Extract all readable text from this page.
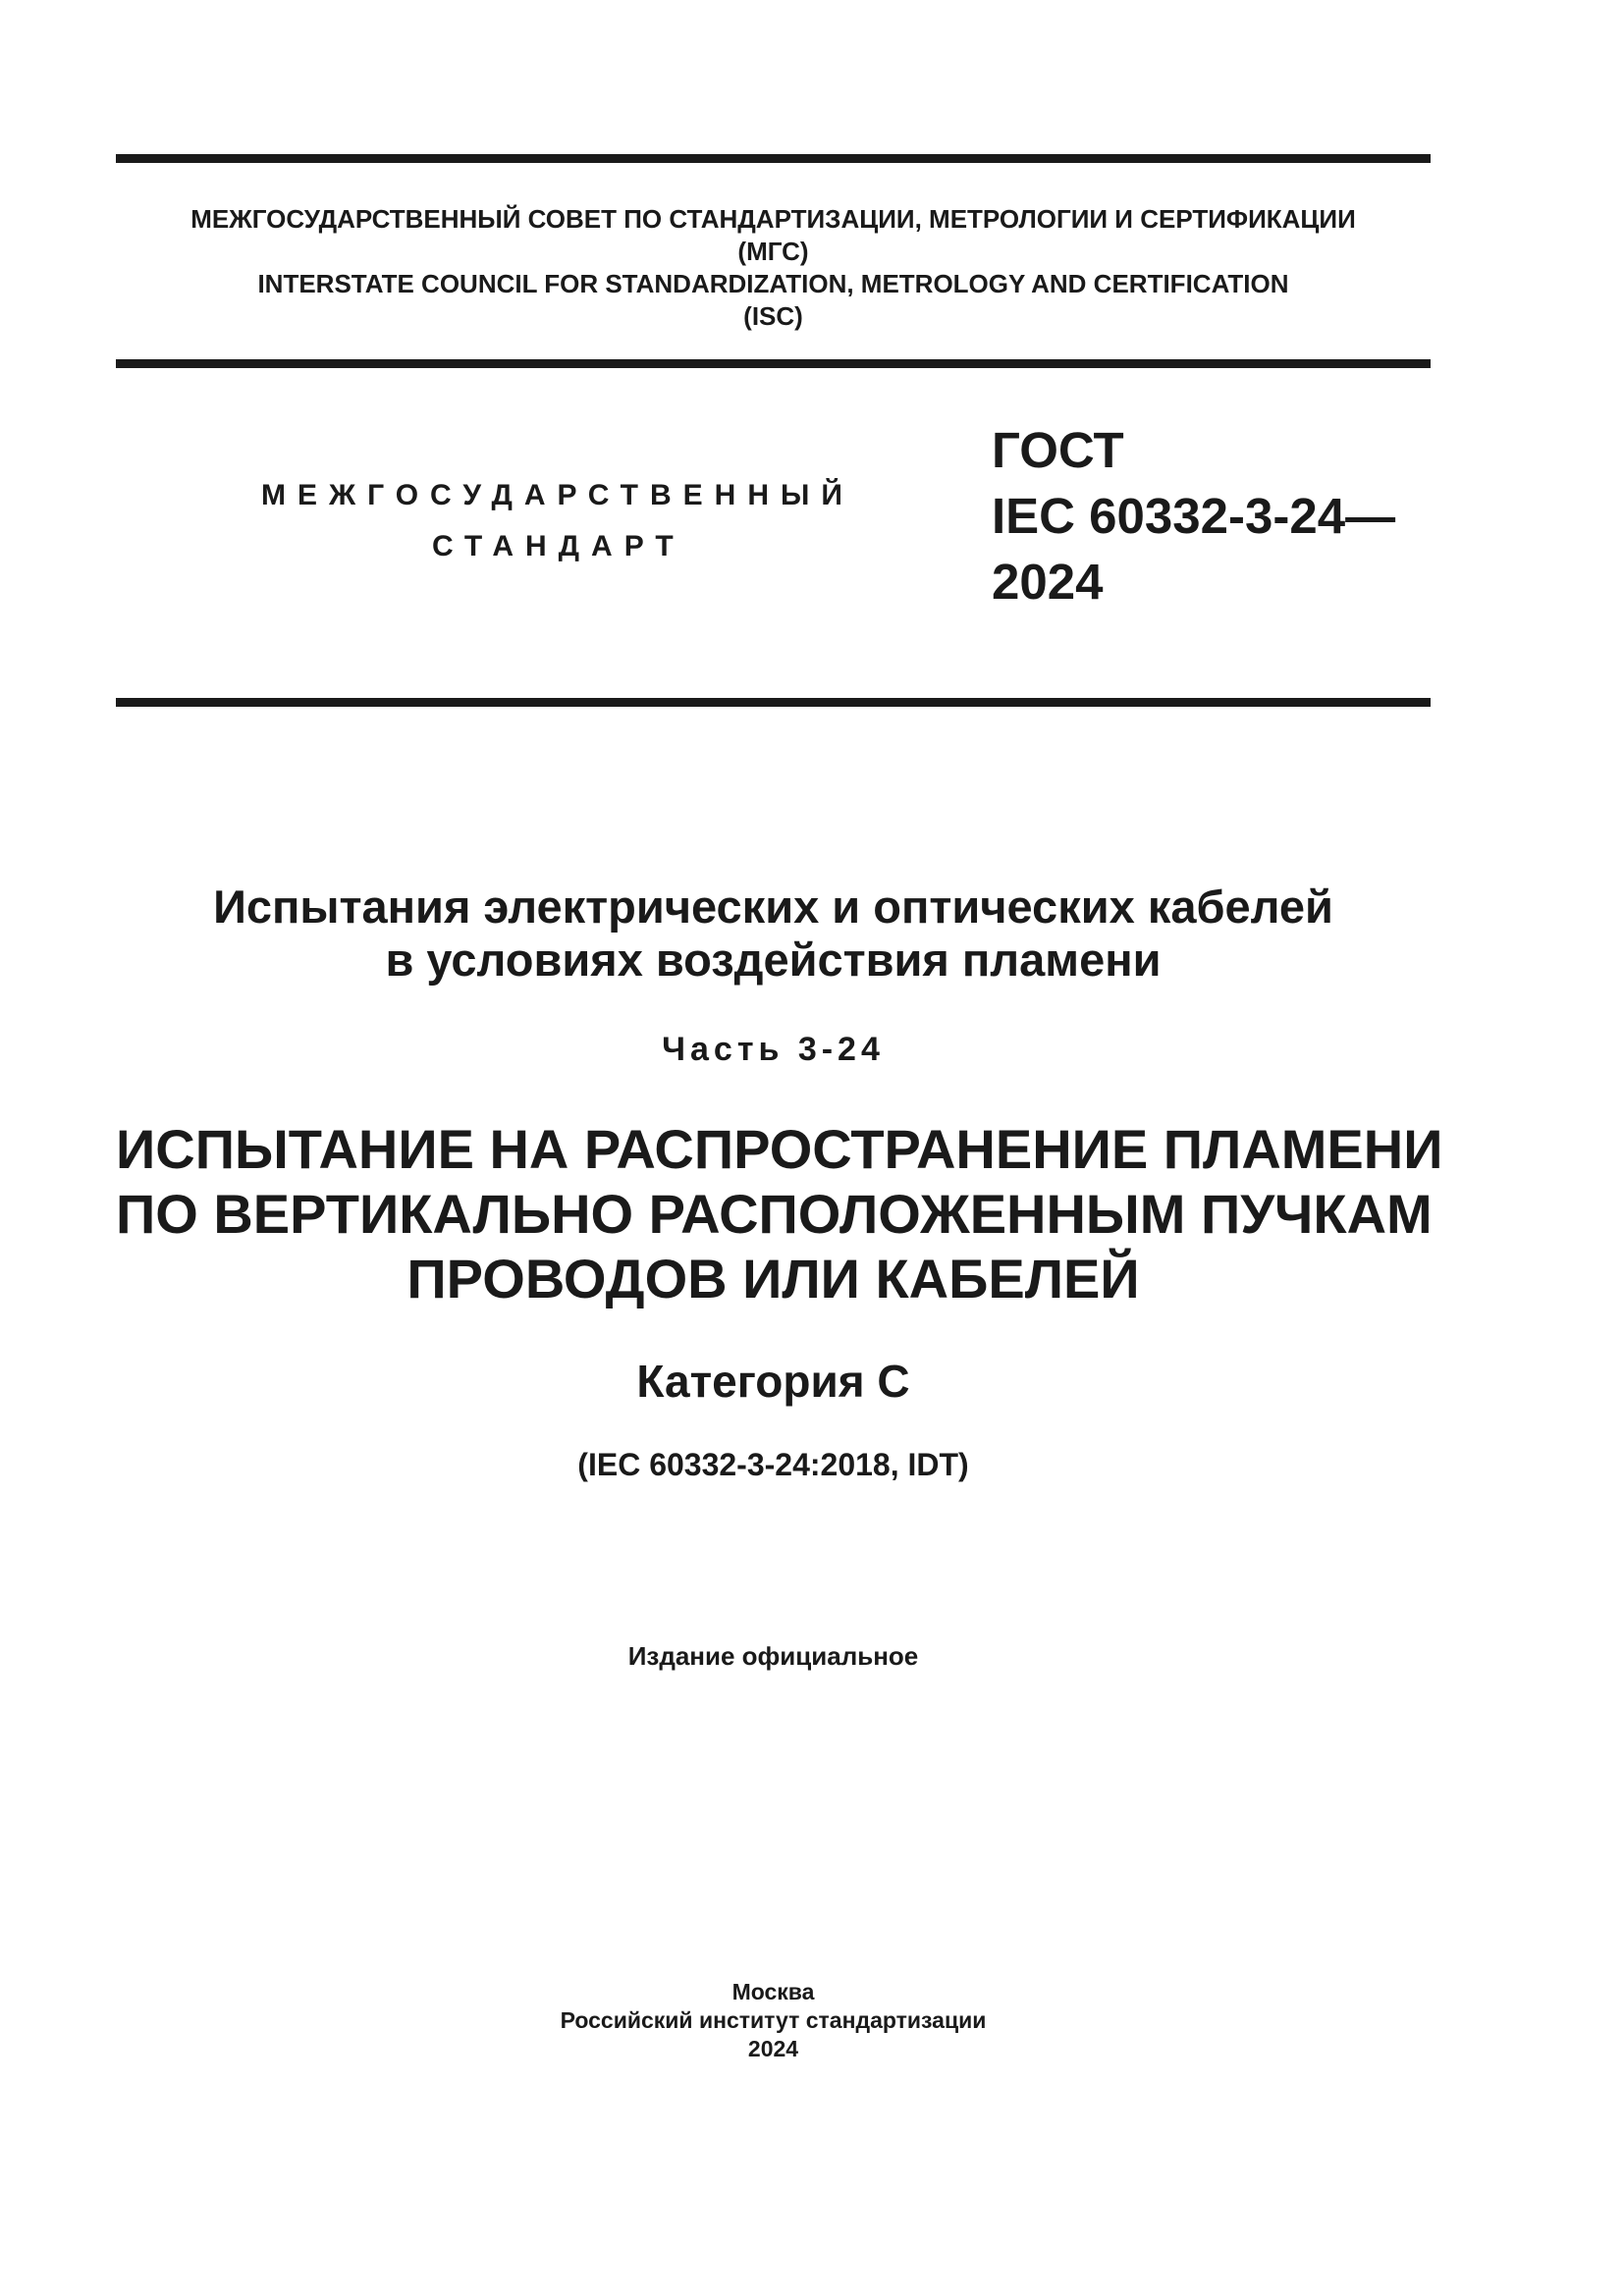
МЕЖГОСУДАРСТВЕННЫЙ СОВЕТ ПО СТАНДАРТИЗАЦИИ, МЕТРОЛОГИИ И СЕРТИФИКАЦИИ
(МГС)
INTERSTATE COUNCIL FOR STANDARDIZATION, METROLOGY AND CERTIFICATION
(ISC)
МЕЖГОСУДАРСТВЕННЫЙ
СТАНДАРТ
ГОСТ
IEC 60332-3-24—
2024
Испытания электрических и оптических кабелей
в условиях воздействия пламени
Часть 3-24
ИСПЫТАНИЕ НА РАСПРОСТРАНЕНИЕ ПЛАМЕНИ
ПО ВЕРТИКАЛЬНО РАСПОЛОЖЕННЫМ ПУЧКАМ
ПРОВОДОВ ИЛИ КАБЕЛЕЙ
Категория С
(IEC 60332-3-24:2018, IDT)
Издание официальное
Москва
Российский институт стандартизации
2024
